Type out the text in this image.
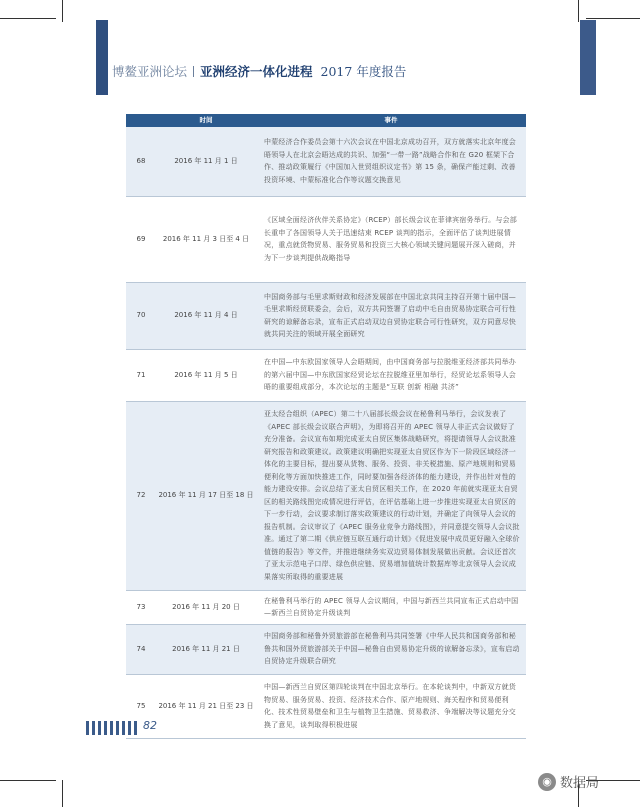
博鳌亚洲论坛 亚洲经济一体化进程 2017 年度报告
	时间	事件
68	2016 年 11 月 1 日	中蒙经济合作委员会第十六次会议在中国北京成功召开，双方就落实北京年度会晤领导人在北京会晤达成的共识、加强“一带一路”战略合作和在 G20 框架下合作、推动政策履行《中国加入世贸组织议定书》第 15 条，确保产能过剩、改善投资环境、中蒙标准化合作等议题交换意见
69	2016 年 11 月 3 日至 4 日	《区域全面经济伙伴关系协定》（RCEP）部长级会议在菲律宾宿务举行。与会部长重申了各国领导人关于迅速结束 RCEP 谈判的指示，全面评估了谈判进展情况，重点就货物贸易、服务贸易和投资三大核心领域关键问题展开深入磋商，并为下一步谈判提供战略指导
70	2016 年 11 月 4 日	中国商务部与毛里求斯财政和经济发展部在中国北京共同主持召开第十届中国—毛里求斯经贸联委会，会后，双方共同签署了启动中毛自由贸易协定联合可行性研究的谅解备忘录，宣布正式启动双边自贸协定联合可行性研究，双方同意尽快就共同关注的领域开展全面研究
71	2016 年 11 月 5 日	在中国—中东欧国家领导人会晤期间，由中国商务部与拉脱维亚经济部共同举办的第六届中国—中东欧国家经贸论坛在拉脱维亚里加举行，经贸论坛系领导人会晤的重要组成部分，本次论坛的主题是“互联 创新 相融 共济”
72	2016 年 11 月 17 日至 18 日	亚太经合组织（APEC）第二十八届部长级会议在秘鲁利马举行，会议发表了《APEC 部长级会议联合声明》，为即将召开的 APEC 领导人非正式会议做好了充分准备。会议宣布如期完成亚太自贸区集体战略研究，将提请领导人会议批准研究报告和政策建议。政策建议明确把实现亚太自贸区作为下一阶段区域经济一体化的主要目标，提出要从货物、服务、投资、非关税措施、原产地规则和贸易便利化等方面加快推进工作，同时要加强各经济体的能力建设，并作出针对性的能力建设安排。会议总结了亚太自贸区相关工作，在 2020 年前就实现亚太自贸区的相关路线图完成情况进行评估，在评估基础上进一步推进实现亚太自贸区的下一步行动，会议要求制订落实政策建议的行动计划，并确定了向领导人会议的报告机制。会议审议了《APEC 服务业竞争力路线图》，并同意提交领导人会议批准。通过了第二期《供应链互联互通行动计划》《促进发展中成员更好融入全球价值链的报告》等文件，并推进继续务实双边贸易体制发展做出贡献。会议还首次了亚太示范电子口岸、绿色供应链、贸易增加值统计数据库等北京领导人会议成果落实所取得的重要进展
73	2016 年 11 月 20 日	在秘鲁利马举行的 APEC 领导人会议期间，中国与新西兰共同宣布正式启动中国—新西兰自贸协定升级谈判
74	2016 年 11 月 21 日	中国商务部和秘鲁外贸旅游部在秘鲁利马共同签署《中华人民共和国商务部和秘鲁共和国外贸旅游部关于中国—秘鲁自由贸易协定升级的谅解备忘录》，宣布启动自贸协定升级联合研究
75	2016 年 11 月 21 日至 23 日	中国—新西兰自贸区第四轮谈判在中国北京举行。在本轮谈判中，中新双方就货物贸易、服务贸易、投资、经济技术合作、原产地规则、海关程序和贸易便利化、技术性贸易壁垒和卫生与植物卫生措施、贸易救济、争端解决等议题充分交换了意见，谈判取得积极进展
82
◉ 数据局
